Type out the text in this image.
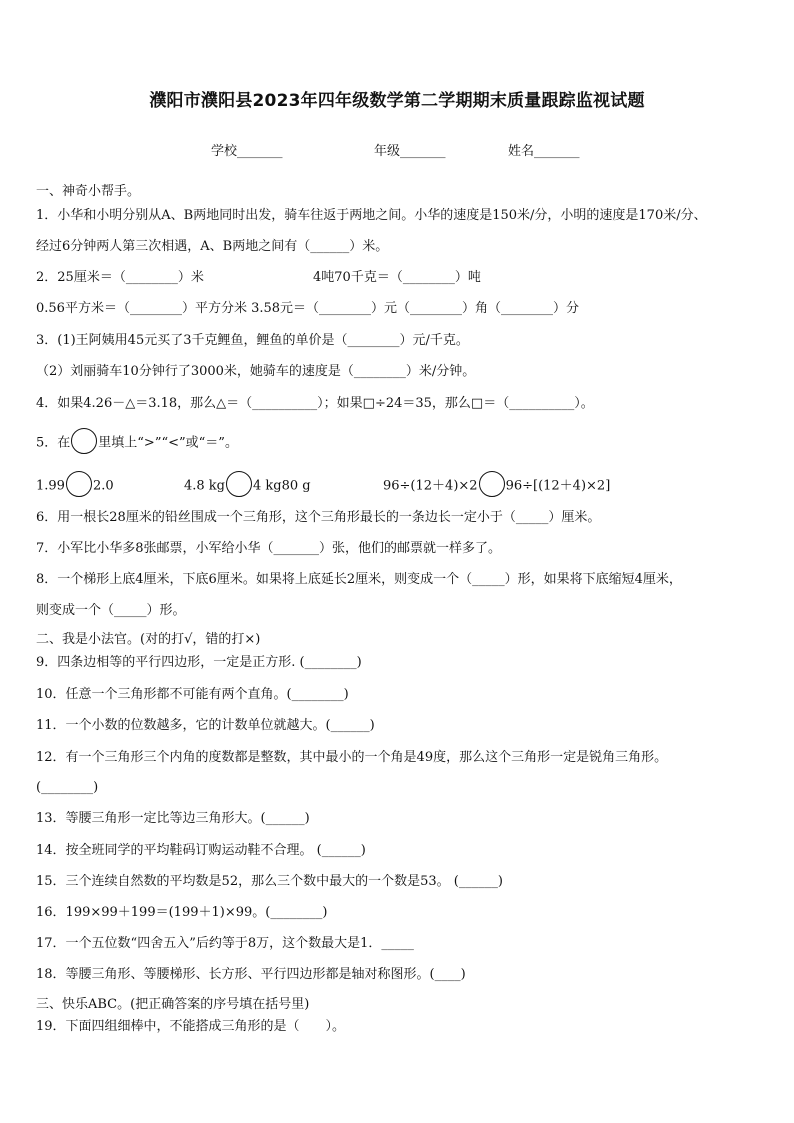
濮阳市濮阳县2023年四年级数学第二学期期末质量跟踪监视试题
学校_______	年级_______	姓名_______
一、神奇小帮手。
1．小华和小明分别从A、B两地同时出发，骑车往返于两地之间。小华的速度是150米/分，小明的速度是170米/分、
经过6分钟两人第三次相遇，A、B两地之间有（______）米。
2．25厘米＝（________）米	4吨70千克＝（________）吨
0.56平方米＝（________）平方分米 3.58元＝（________）元（________）角（________）分
3．(1)王阿姨用45元买了3千克鲤鱼，鲤鱼的单价是（________）元/千克。
（2）刘丽骑车10分钟行了3000米，她骑车的速度是（________）米/分钟。
4．如果4.26－△＝3.18，那么△＝（__________）；如果□÷24＝35，那么□＝（__________）。
5．在 里填上“>”“<”或“＝”。
1.99 2.0	4.8 kg 4 kg80 g	96÷(12＋4)×2 96÷[(12＋4)×2]
6．用一根长28厘米的铅丝围成一个三角形，这个三角形最长的一条边长一定小于（_____）厘米。
7．小军比小华多8张邮票，小军给小华（_______）张，他们的邮票就一样多了。
8．一个梯形上底4厘米，下底6厘米。如果将上底延长2厘米，则变成一个（_____）形，如果将下底缩短4厘米，
则变成一个（_____）形。
二、我是小法官。(对的打√，错的打×)
9．四条边相等的平行四边形，一定是正方形. (________)
10．任意一个三角形都不可能有两个直角。(________)
11．一个小数的位数越多，它的计数单位就越大。(______)
12．有一个三角形三个内角的度数都是整数，其中最小的一个角是49度，那么这个三角形一定是锐角三角形。
(________)
13．等腰三角形一定比等边三角形大。(______)
14．按全班同学的平均鞋码订购运动鞋不合理。 (______)
15．三个连续自然数的平均数是52，那么三个数中最大的一个数是53。 (______)
16．199×99＋199＝(199＋1)×99。(________)
17．一个五位数“四舍五入”后约等于8万，这个数最大是1．_____
18．等腰三角形、等腰梯形、长方形、平行四边形都是轴对称图形。(____)
三、快乐ABC。(把正确答案的序号填在括号里)
19．下面四组细棒中，不能搭成三角形的是（　　）。
